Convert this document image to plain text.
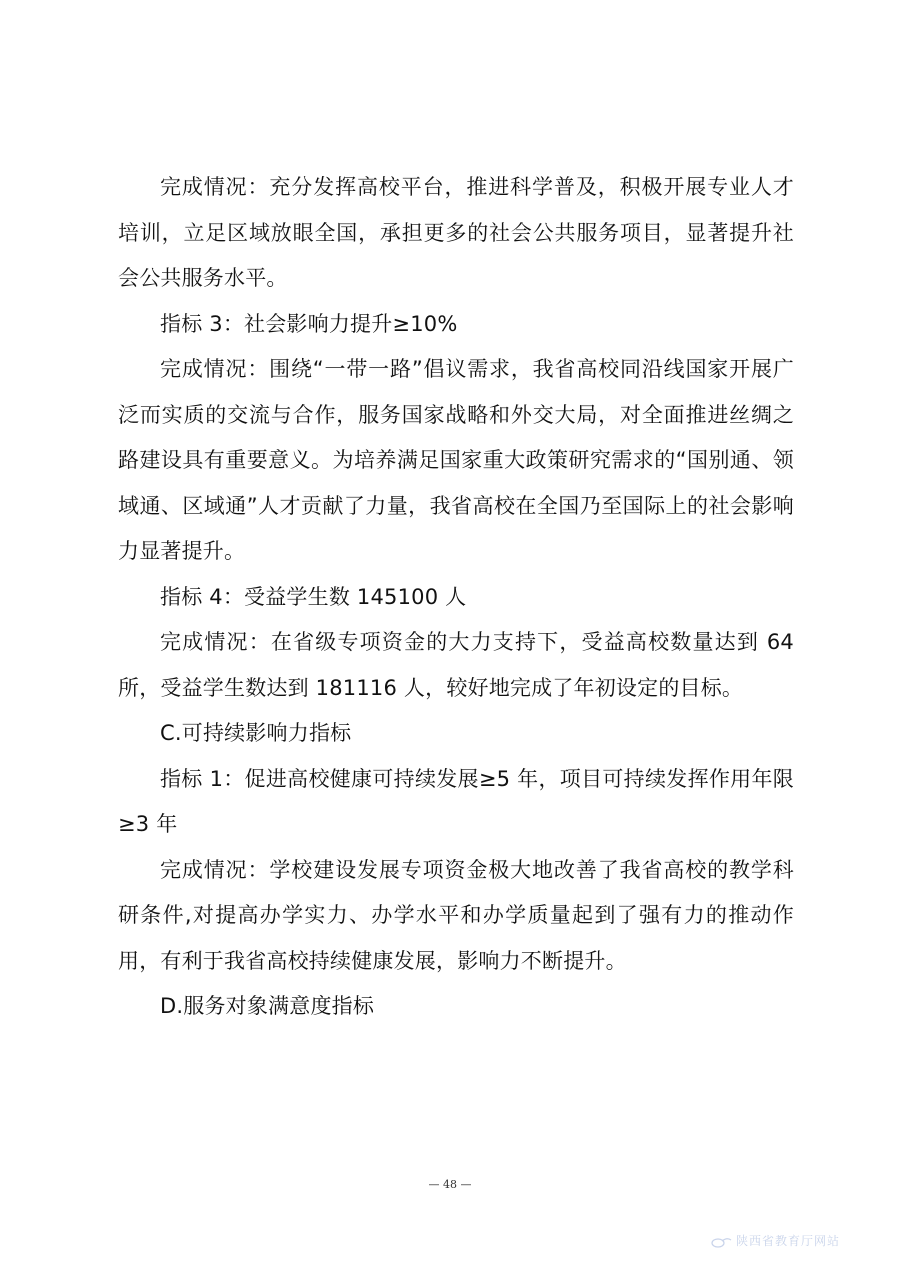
完成情况：充分发挥高校平台，推进科学普及，积极开展专业人才培训，立足区域放眼全国，承担更多的社会公共服务项目，显著提升社会公共服务水平。

指标 3：社会影响力提升≥10%

完成情况：围绕“一带一路”倡议需求，我省高校同沿线国家开展广泛而实质的交流与合作，服务国家战略和外交大局，对全面推进丝绸之路建设具有重要意义。为培养满足国家重大政策研究需求的“国别通、领域通、区域通”人才贡献了力量，我省高校在全国乃至国际上的社会影响力显著提升。

指标 4：受益学生数 145100 人

完成情况：在省级专项资金的大力支持下，受益高校数量达到 64 所，受益学生数达到 181116 人，较好地完成了年初设定的目标。

C.可持续影响力指标

指标 1：促进高校健康可持续发展≥5 年，项目可持续发挥作用年限≥3 年

完成情况：学校建设发展专项资金极大地改善了我省高校的教学科研条件,对提高办学实力、办学水平和办学质量起到了强有力的推动作用，有利于我省高校持续健康发展，影响力不断提升。

D.服务对象满意度指标

— 48 —
陕西省教育厅网站
